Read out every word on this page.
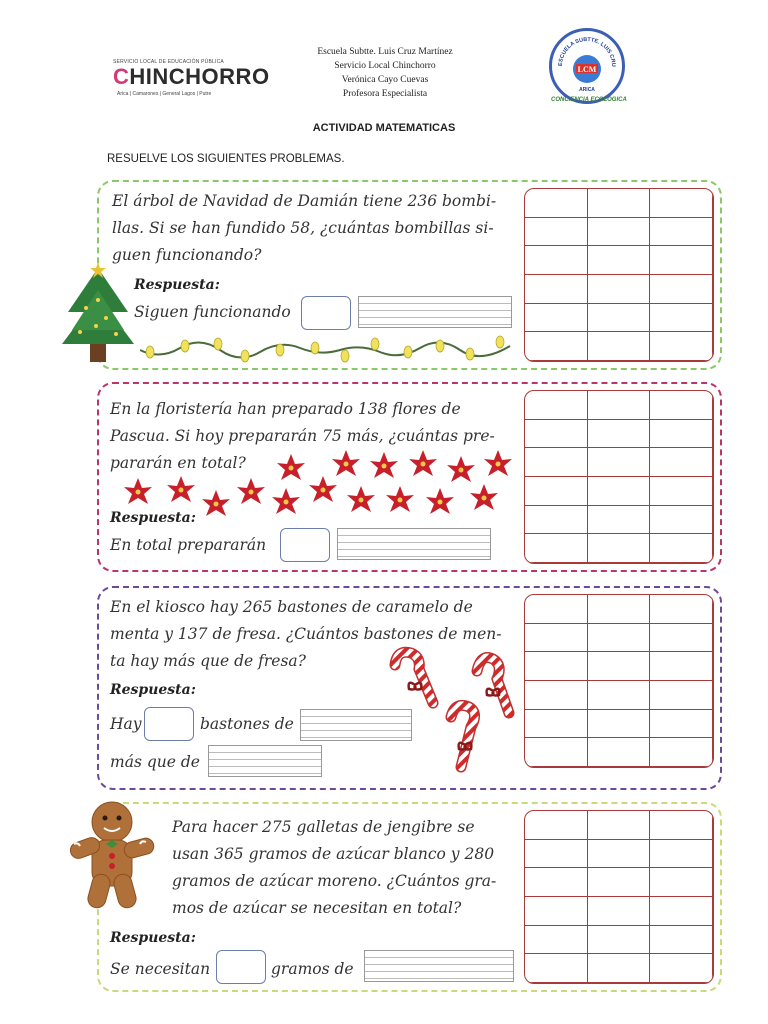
SERVICIO LOCAL DE EDUCACIÓN PÚBLICA
CHINCHORRO
Arica | Camarones | General Lagos | Putre
Escuela Subtte. Luis Cruz Martínez
Servicio Local Chinchorro
Verónica Cayo Cuevas
Profesora Especialista
ESCUELA SUBTTE. LUIS CRU
LCM
ARICA
CONCIENCIA ECOLÓGICA
ACTIVIDAD MATEMATICAS
RESUELVE LOS SIGUIENTES PROBLEMAS.
El árbol de Navidad de Damián tiene 236 bombi-
llas. Si se han fundido 58, ¿cuántas bombillas si-
guen funcionando?
Respuesta:
Siguen funcionando
En la floristería han preparado 138 flores de
Pascua. Si hoy prepararán 75 más, ¿cuántas pre-
pararán en total?
Respuesta:
En total prepararán
En el kiosco hay 265 bastones de caramelo de
menta y 137 de fresa. ¿Cuántos bastones de men-
ta hay más que de fresa?
Respuesta:
Hay	bastones de
más que de
Para hacer 275 galletas de jengibre se
usan 365 gramos de azúcar blanco y 280
gramos de azúcar moreno. ¿Cuántos gra-
mos de azúcar se necesitan en total?
Respuesta:
Se necesitan	gramos de
